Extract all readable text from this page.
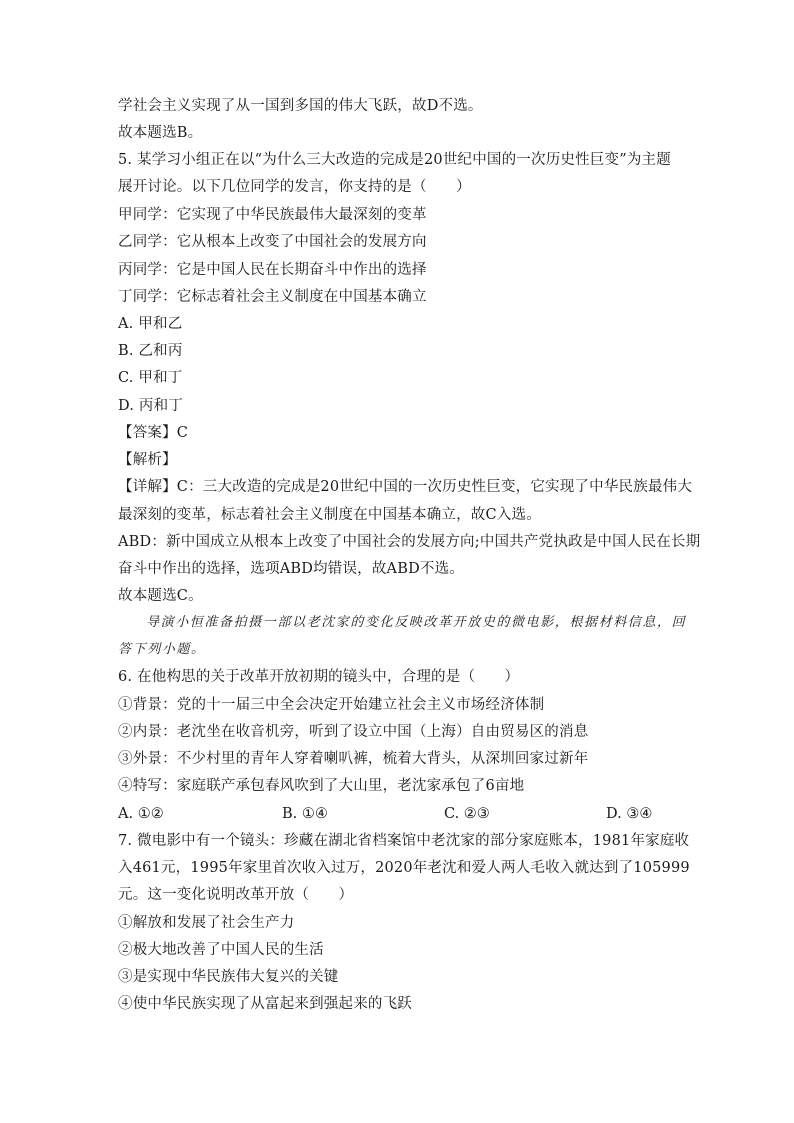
学社会主义实现了从一国到多国的伟大飞跃，故D不选。
故本题选B。
5. 某学习小组正在以“为什么三大改造的完成是20世纪中国的一次历史性巨变”为主题
展开讨论。以下几位同学的发言，你支持的是（　　）
甲同学：它实现了中华民族最伟大最深刻的变革
乙同学：它从根本上改变了中国社会的发展方向
丙同学：它是中国人民在长期奋斗中作出的选择
丁同学：它标志着社会主义制度在中国基本确立
A. 甲和乙
B. 乙和丙
C. 甲和丁
D. 丙和丁
【答案】C
【解析】
【详解】C：三大改造的完成是20世纪中国的一次历史性巨变，它实现了中华民族最伟大
最深刻的变革，标志着社会主义制度在中国基本确立，故C入选。
ABD：新中国成立从根本上改变了中国社会的发展方向;中国共产党执政是中国人民在长期
奋斗中作出的选择，选项ABD均错误，故ABD不选。
故本题选C。
导演小恒准备拍摄一部以老沈家的变化反映改革开放史的微电影，根据材料信息，回
答下列小题。
6. 在他构思的关于改革开放初期的镜头中，合理的是（　　）
①背景：党的十一届三中全会决定开始建立社会主义市场经济体制
②内景：老沈坐在收音机旁，听到了设立中国（上海）自由贸易区的消息
③外景：不少村里的青年人穿着喇叭裤，梳着大背头，从深圳回家过新年
④特写：家庭联产承包春风吹到了大山里，老沈家承包了6亩地
A. ①②	B. ①④	C. ②③	D. ③④
7. 微电影中有一个镜头：珍藏在湖北省档案馆中老沈家的部分家庭账本，1981年家庭收
入461元，1995年家里首次收入过万，2020年老沈和爱人两人毛收入就达到了105999
元。这一变化说明改革开放（　　）
①解放和发展了社会生产力
②极大地改善了中国人民的生活
③是实现中华民族伟大复兴的关键
④使中华民族实现了从富起来到强起来的飞跃
